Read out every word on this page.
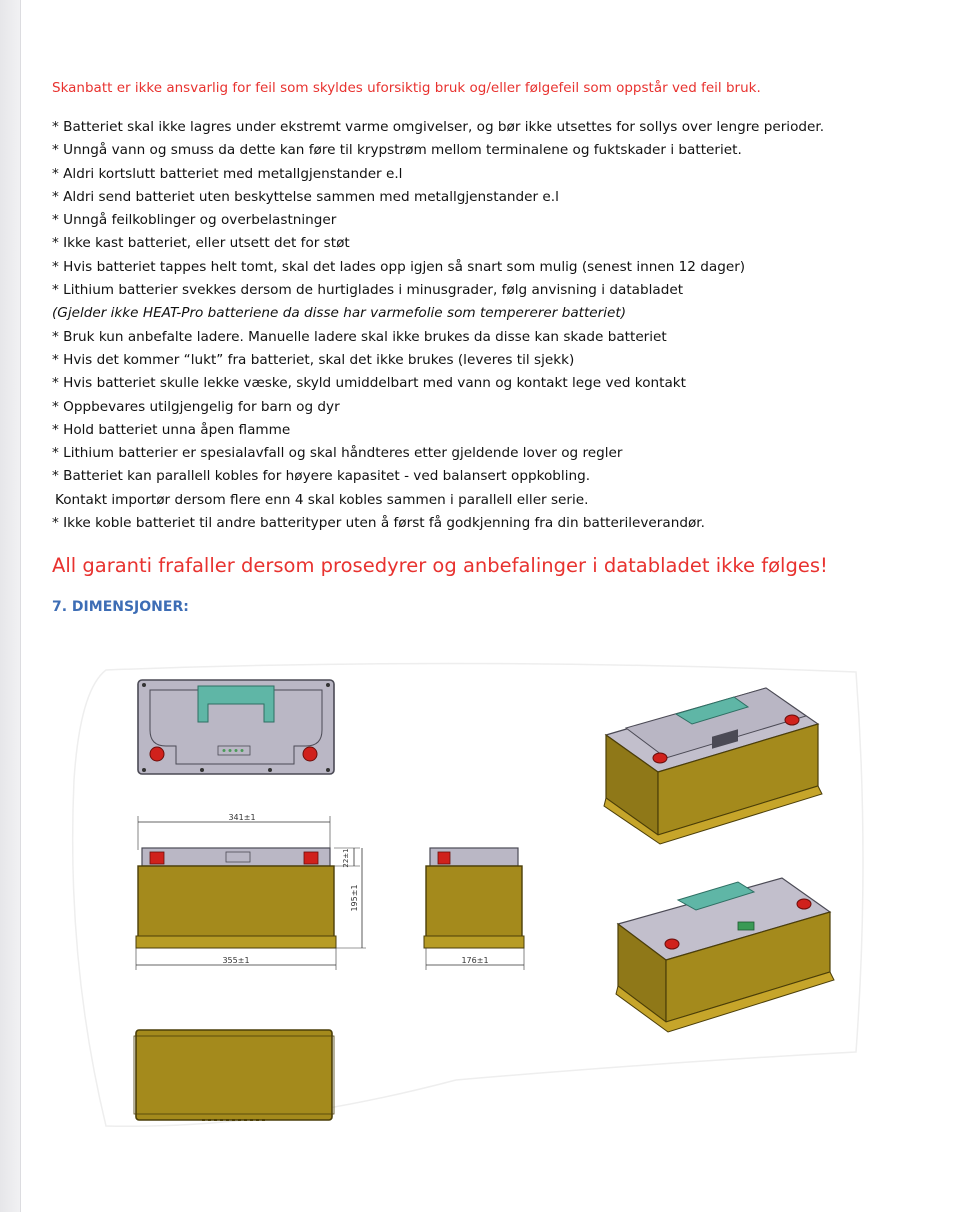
Skanbatt er ikke ansvarlig for feil som skyldes uforsiktig bruk og/eller følgefeil som oppstår ved feil bruk.

* Batteriet skal ikke lagres under ekstremt varme omgivelser, og bør ikke utsettes for sollys over lengre perioder.
* Unngå vann og smuss da dette kan føre til krypstrøm mellom terminalene og fuktskader i batteriet.
* Aldri kortslutt batteriet med metallgjenstander e.l
* Aldri send batteriet uten beskyttelse sammen med metallgjenstander e.l
* Unngå feilkoblinger og overbelastninger
* Ikke kast batteriet, eller utsett det for støt
* Hvis batteriet tappes helt tomt, skal det lades opp igjen så snart som mulig (senest innen 12 dager)
* Lithium batterier svekkes dersom de hurtiglades i minusgrader, følg anvisning i databladet
(Gjelder ikke HEAT-Pro batteriene da disse har varmefolie som tempererer batteriet)
* Bruk kun anbefalte ladere. Manuelle ladere skal ikke brukes da disse kan skade batteriet
* Hvis det kommer “lukt” fra batteriet, skal det ikke brukes (leveres til sjekk)
* Hvis batteriet skulle lekke væske, skyld umiddelbart med vann og kontakt lege ved kontakt
* Oppbevares utilgjengelig for barn og dyr
* Hold batteriet unna åpen flamme
* Lithium batterier er spesialavfall og skal håndteres etter gjeldende lover og regler
* Batteriet kan parallell kobles for høyere kapasitet - ved balansert oppkobling.
Kontakt importør dersom flere enn 4 skal kobles sammen i parallell eller serie.
* Ikke koble batteriet til andre batterityper uten å først få godkjenning fra din batterileverandør.

All garanti frafaller dersom prosedyrer og anbefalinger i databladet ikke følges!

7. DIMENSJONER:

341±1
22±1
195±1
355±1	176±1
